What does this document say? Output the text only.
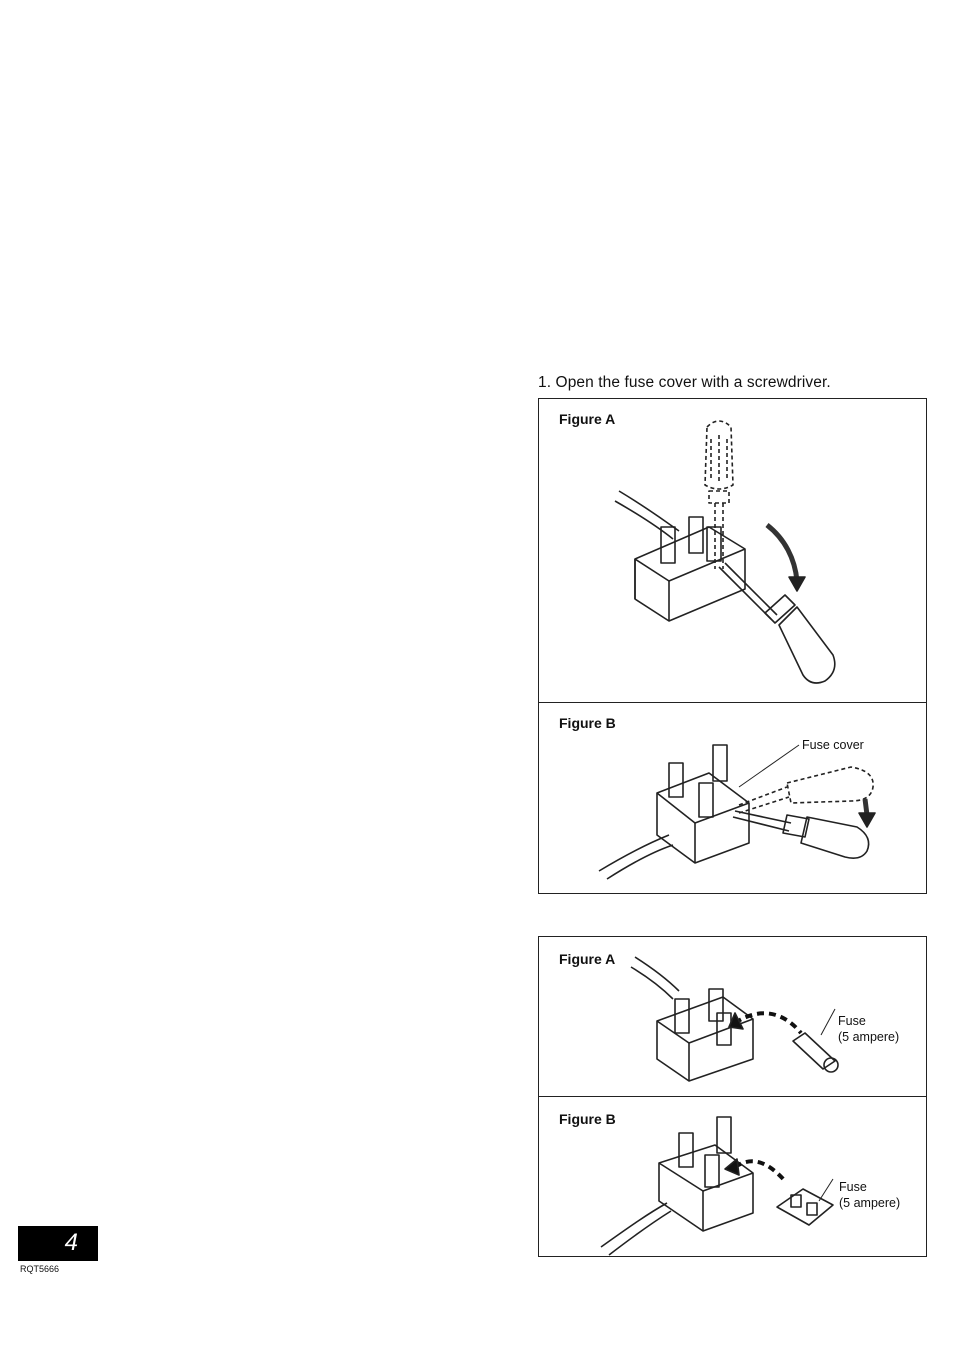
1. Open the fuse cover with a screwdriver.
Figure A
Figure B
Fuse cover
Figure A
Fuse
(5 ampere)
Figure B
Fuse
(5 ampere)
4
RQT5666
